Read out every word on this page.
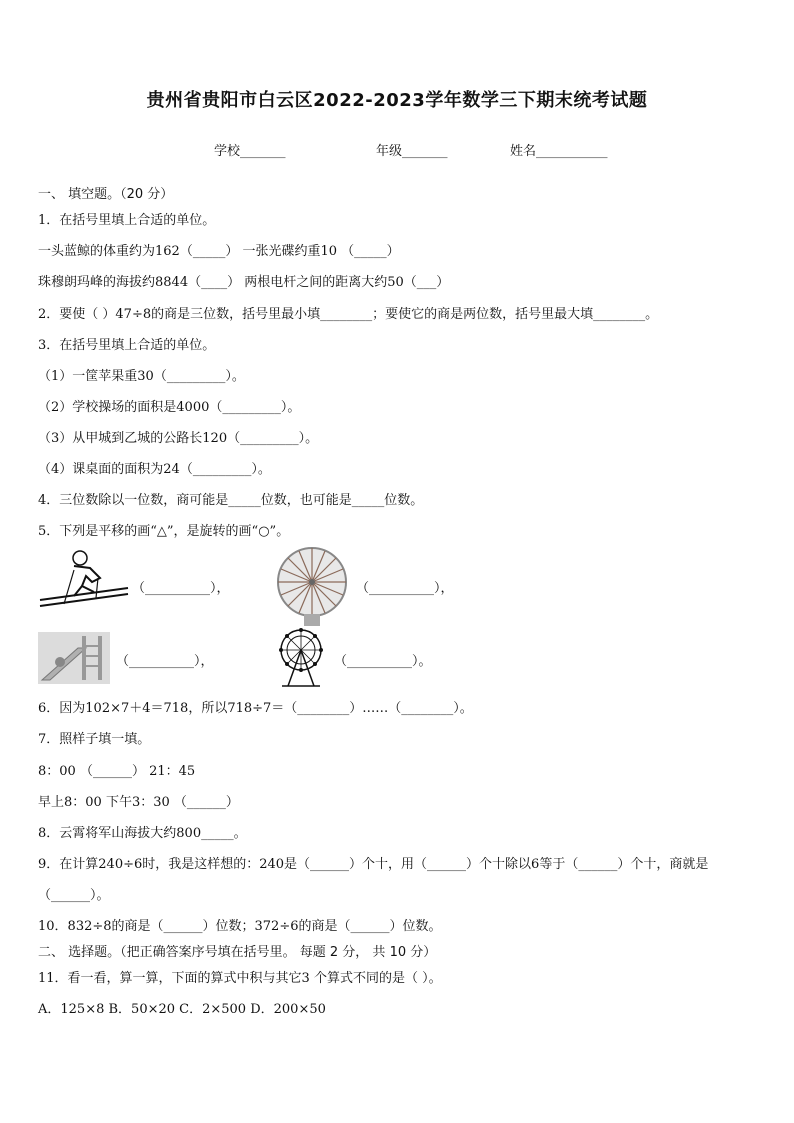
贵州省贵阳市白云区2022-2023学年数学三下期末统考试题
学校_______	年级_______	姓名___________
一、 填空题。（20 分）
1．在括号里填上合适的单位。
一头蓝鲸的体重约为162（_____） 一张光碟约重10 （_____）
珠穆朗玛峰的海拔约8844（____） 两根电杆之间的距离大约50（___）
2．要使（ ）47÷8的商是三位数，括号里最小填________；要使它的商是两位数，括号里最大填________。
3．在括号里填上合适的单位。
（1）一筐苹果重30（_________）。
（2）学校操场的面积是4000（_________）。
（3）从甲城到乙城的公路长120（_________）。
（4）课桌面的面积为24（_________）。
4．三位数除以一位数，商可能是_____位数，也可能是_____位数。
5．下列是平移的画“△”，是旋转的画“○”。
（__________），	（__________），
（__________），	（__________）。
6．因为102×7＋4＝718，所以718÷7＝（________）……（________）。
7．照样子填一填。
8：00 （______） 21：45
早上8：00 下午3：30 （______）
8．云霄将军山海拔大约800_____。
9．在计算240÷6时，我是这样想的：240是（______）个十，用（______）个十除以6等于（______）个十，商就是
（______）。
10．832÷8的商是（______）位数；372÷6的商是（______）位数。
二、 选择题。（把正确答案序号填在括号里。 每题 2 分， 共 10 分）
11．看一看，算一算，下面的算式中积与其它3 个算式不同的是（ ）。
A．125×8 B．50×20 C．2×500 D．200×50
